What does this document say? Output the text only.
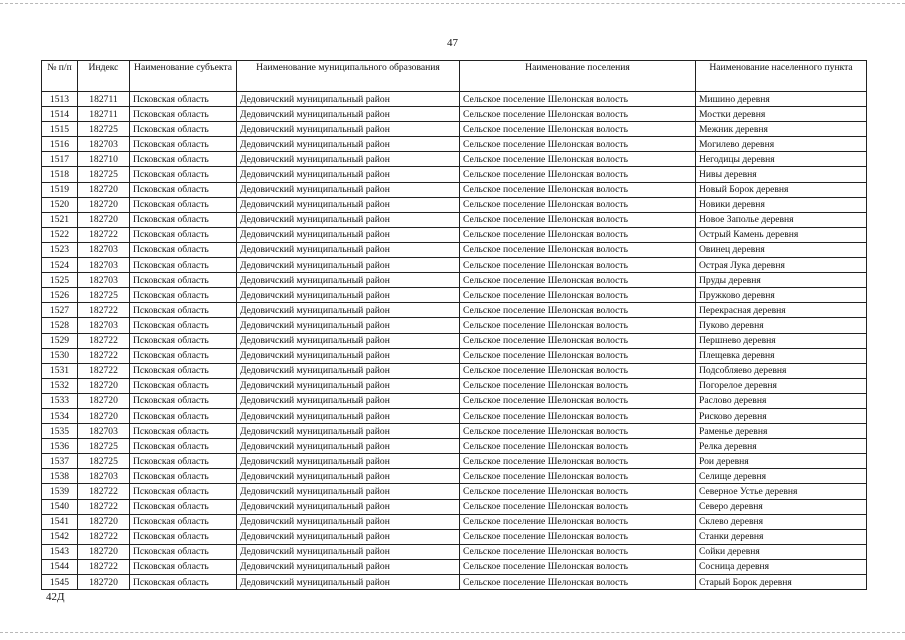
47
№ п/п	Индекс	Наименование субъекта	Наименование муниципального образования	Наименование поселения	Наименование населенного пункта
1513	182711	Псковская область	Дедовичский муниципальный район	Сельское поселение Шелонская волость	Мишино деревня
1514	182711	Псковская область	Дедовичский муниципальный район	Сельское поселение Шелонская волость	Мостки деревня
1515	182725	Псковская область	Дедовичский муниципальный район	Сельское поселение Шелонская волость	Межник деревня
1516	182703	Псковская область	Дедовичский муниципальный район	Сельское поселение Шелонская волость	Могилево деревня
1517	182710	Псковская область	Дедовичский муниципальный район	Сельское поселение Шелонская волость	Негодицы деревня
1518	182725	Псковская область	Дедовичский муниципальный район	Сельское поселение Шелонская волость	Нивы деревня
1519	182720	Псковская область	Дедовичский муниципальный район	Сельское поселение Шелонская волость	Новый Борок деревня
1520	182720	Псковская область	Дедовичский муниципальный район	Сельское поселение Шелонская волость	Новики деревня
1521	182720	Псковская область	Дедовичский муниципальный район	Сельское поселение Шелонская волость	Новое Заполье деревня
1522	182722	Псковская область	Дедовичский муниципальный район	Сельское поселение Шелонская волость	Острый Камень деревня
1523	182703	Псковская область	Дедовичский муниципальный район	Сельское поселение Шелонская волость	Овинец деревня
1524	182703	Псковская область	Дедовичский муниципальный район	Сельское поселение Шелонская волость	Острая Лука деревня
1525	182703	Псковская область	Дедовичский муниципальный район	Сельское поселение Шелонская волость	Пруды деревня
1526	182725	Псковская область	Дедовичский муниципальный район	Сельское поселение Шелонская волость	Пружково деревня
1527	182722	Псковская область	Дедовичский муниципальный район	Сельское поселение Шелонская волость	Перекрасная деревня
1528	182703	Псковская область	Дедовичский муниципальный район	Сельское поселение Шелонская волость	Пуково деревня
1529	182722	Псковская область	Дедовичский муниципальный район	Сельское поселение Шелонская волость	Першнево деревня
1530	182722	Псковская область	Дедовичский муниципальный район	Сельское поселение Шелонская волость	Плещевка деревня
1531	182722	Псковская область	Дедовичский муниципальный район	Сельское поселение Шелонская волость	Подсобляево деревня
1532	182720	Псковская область	Дедовичский муниципальный район	Сельское поселение Шелонская волость	Погорелое деревня
1533	182720	Псковская область	Дедовичский муниципальный район	Сельское поселение Шелонская волость	Раслово деревня
1534	182720	Псковская область	Дедовичский муниципальный район	Сельское поселение Шелонская волость	Рисково деревня
1535	182703	Псковская область	Дедовичский муниципальный район	Сельское поселение Шелонская волость	Раменье деревня
1536	182725	Псковская область	Дедовичский муниципальный район	Сельское поселение Шелонская волость	Релка деревня
1537	182725	Псковская область	Дедовичский муниципальный район	Сельское поселение Шелонская волость	Рои деревня
1538	182703	Псковская область	Дедовичский муниципальный район	Сельское поселение Шелонская волость	Селище деревня
1539	182722	Псковская область	Дедовичский муниципальный район	Сельское поселение Шелонская волость	Северное Устье деревня
1540	182722	Псковская область	Дедовичский муниципальный район	Сельское поселение Шелонская волость	Северо деревня
1541	182720	Псковская область	Дедовичский муниципальный район	Сельское поселение Шелонская волость	Склево деревня
1542	182722	Псковская область	Дедовичский муниципальный район	Сельское поселение Шелонская волость	Станки деревня
1543	182720	Псковская область	Дедовичский муниципальный район	Сельское поселение Шелонская волость	Сойки деревня
1544	182722	Псковская область	Дедовичский муниципальный район	Сельское поселение Шелонская волость	Сосница деревня
1545	182720	Псковская область	Дедовичский муниципальный район	Сельское поселение Шелонская волость	Старый Борок деревня
42Д
